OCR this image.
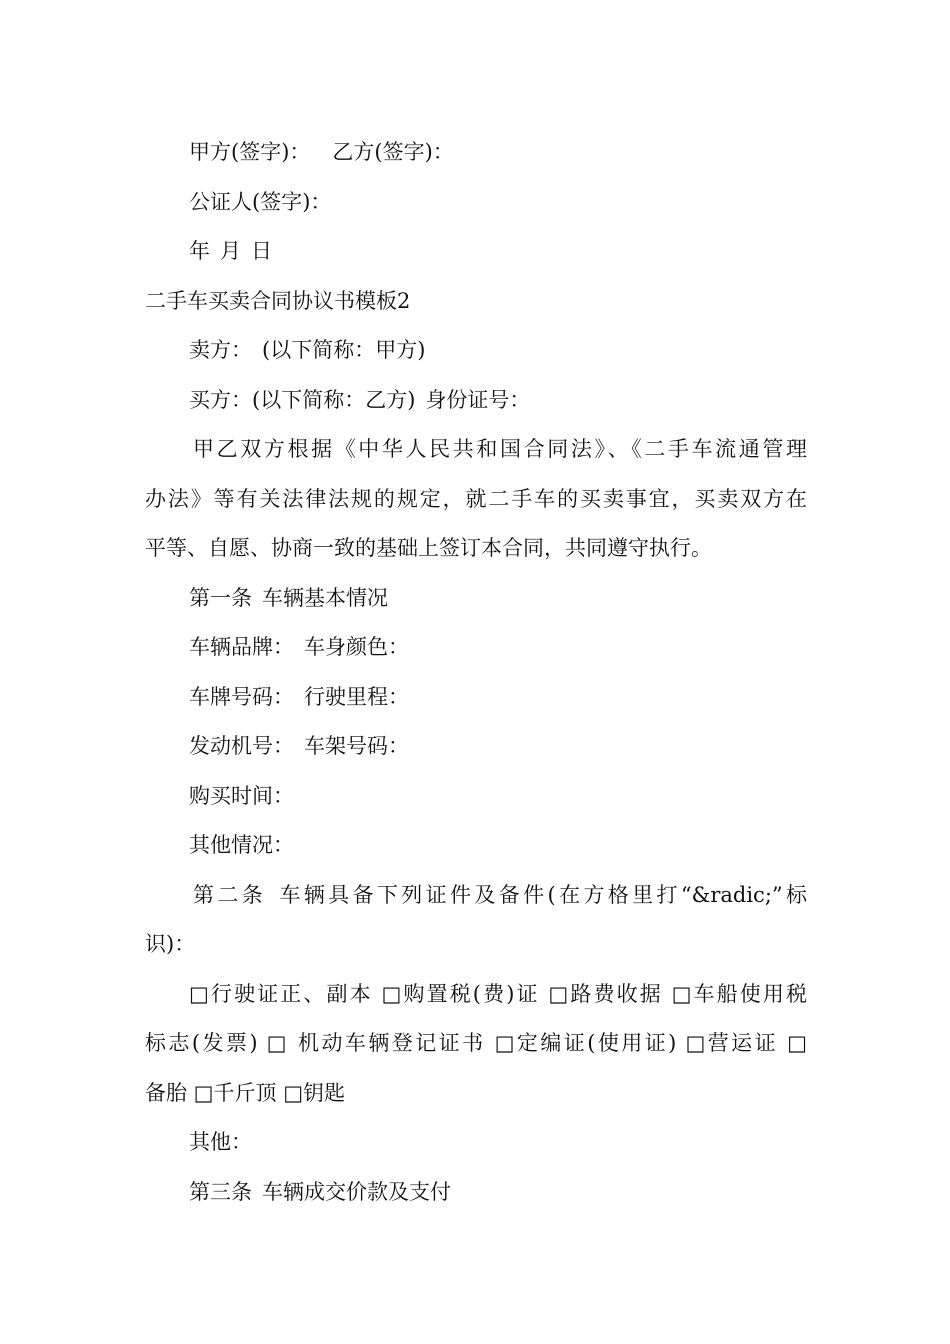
甲方(签字)： 乙方(签字)：
公证人(签字)：
年 月 日
二手车买卖合同协议书模板2
卖方： (以下简称：甲方)
买方：(以下简称：乙方) 身份证号：
甲乙双方根据《中华人民共和国合同法》、《二手车流通管理
办法》等有关法律法规的规定，就二手车的买卖事宜，买卖双方在
平等、自愿、协商一致的基础上签订本合同，共同遵守执行。
第一条 车辆基本情况
车辆品牌： 车身颜色：
车牌号码： 行驶里程：
发动机号： 车架号码：
购买时间：
其他情况：
第二条 车辆具备下列证件及备件(在方格里打“&radic;”标
识)：
□行驶证正、副本 □购置税(费)证 □路费收据 □车船使用税
标志(发票) □ 机动车辆登记证书 □定编证(使用证) □营运证 □
备胎 □千斤顶 □钥匙
其他：
第三条 车辆成交价款及支付
